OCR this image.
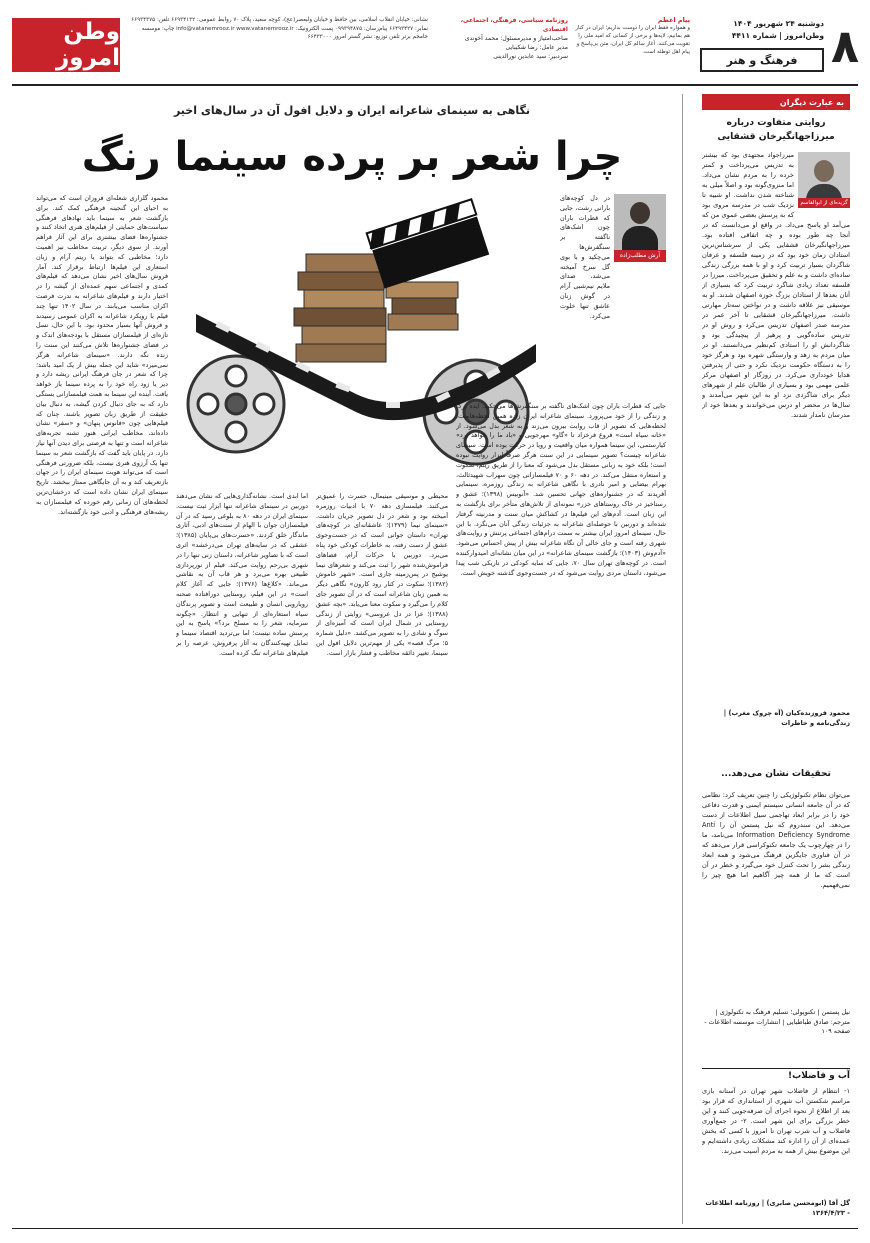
وطن امروز
نشانی: خیابان انقلاب اسلامی، بین حافظ و خیابان ولیعصر(عج)، کوچه سعید، پلاک ۷۰ روابط عمومی: ۶۶۹۳۴۱۳۲ تلفن: ۶۶۹۳۴۳۷۵ نمابر: ۶۶۴۹۳۴۲۷ پیام‌رسان: ۰۹۹۳۹۴۸۷۵ پست الکترونیک: info@vatanemrooz.ir www.vatanemrooz.ir چاپ: موسسه جامجم برتر تلفن توزیع: نشر گستر امروز ۶۶۴۳۳۰۰۰
روزنامه سیاسی، فرهنگی، اجتماعی، اقتصادی
صاحب‌امتیاز و مدیرمسئول: محمد آخوندی
مدیر عامل: رضا شکیبایی
سردبیر: سید عابدین نورالدینی
پیام اعظم
و همواره فقط ایران را دوست بداریم؛ ایران در کنار هم بمانیم، لایه‌ها و برخی از کسانی که امید ملی را تقویت می‌کنند. آغاز سالم کل ایران، متن بی‌پاسخ و پیام اهل توطئه است.	۸
دوشنبه ۲۴ شهریور ۱۴۰۴
وطن‌امروز | شماره ۴۴۱۱
فرهنگ و هنر
به عبارت دیگران
روایتی متفاوت درباره میرزاجهانگیرخان قشقایی
میرزاجواد مجتهدی بود که بیشتر به تدریس می‌پرداخت و کمتر خرده را به مردم نشان می‌داد. اما منزوی‌گونه بود و اصلاً میلی به شناخته شدن نداشت. او شبیه تا نزدیک شب در مدرسه مروی بود که به پرسش بعضی عموی من که می‌آمد او پاسخ می‌داد. در واقع او می‌دانست که در آنجا چه طور بوده و چه اتفاقی افتاده بود. میرزاجهانگیرخان قشقایی یکی از سرشناس‌ترین استادان زمان خود بود که در زمینه فلسفه و عرفان شاگردان بسیار تربیت کرد و او با همه بزرگی زندگی ساده‌ای داشت و به علم و تحقیق می‌پرداخت. میرزا در فلسفه تعداد زیادی شاگرد تربیت کرد که بسیاری از آنان بعدها از استادان بزرگ حوزه اصفهان شدند. او به موسیقی نیز علاقه داشت و در نواختن سه‌تار مهارتی داشت. میرزاجهانگیرخان قشقایی تا آخر عمر در مدرسه صدر اصفهان تدریس می‌کرد و روش او در تدریس ساده‌گویی و پرهیز از پیچیدگی بود و شاگردانش او را استادی کم‌نظیر می‌دانستند. او در میان مردم به زهد و وارستگی شهره بود و هرگز خود را به دستگاه حکومت نزدیک نکرد و حتی از پذیرفتن هدایا خودداری می‌کرد. در روزگار او اصفهان مرکز علمی مهمی بود و بسیاری از طالبان علم از شهرهای دیگر برای شاگردی نزد او به این شهر می‌آمدند و سال‌ها در محضر او درس می‌خواندند و بعدها خود از مدرسان نامدار شدند.
گزیده‌ای از ابوالقاسم نعیمی
محمود فروزنده‌کیان (آه چروک مغرب) | زندگی‌نامه و خاطرات
تحقیقات نشان می‌دهد...
می‌توان نظام تکنولوژیکی را چنین تعریف کرد: نظامی که در آن جامعه انسانی سیستم ایمنی و قدرت دفاعی خود را در برابر ابعاد تهاجمی سیل اطلاعات از دست می‌دهد. این سندروم که نیل پستمن آن را Anti Information Deficiency Syndrome می‌نامد، ما را در چهارچوب یک جامعه تکنوکراسی قرار می‌دهد که در آن فناوری جایگزین فرهنگ می‌شود و همه ابعاد زندگی بشر را تحت کنترل خود می‌گیرد و خطر در آن است که ما از همه چیز آگاهیم اما هیچ چیز را نمی‌فهمیم.
نیل پستمن | تکنوپولی؛ تسلیم فرهنگ به تکنولوژی | مترجم: صادق طباطبایی | انتشارات موسسه اطلاعات - صفحه ۱۰۹
آب و فاضلاب!
۱- انتظام از فاضلاب شهر تهران در آستانه بازی مراسم شکستن آب شهری از استانداری که قرار بود بعد از اطلاع از نحوه اجرای آن صرفه‌جویی کنند و این خطر بزرگی برای این شهر است. ۲- در جمع‌آوری فاضلاب و آب شرب تهران تا امروز با کسی که بخش عمده‌ای از آن را اداره کند مشکلات زیادی داشته‌ایم و این موضوع بیش از همه به مردم آسیب می‌زند.
گل آقا (ابومحسن صابری) | روزنامه اطلاعات - ۱۳۶۴/۴/۲۳
نگاهی به سینمای شاعرانه ایران و دلایل افول آن در سال‌های اخیر
چرا شعر بر پرده سینما رنگ
آرش مطلب‌زاده
در دل کوچه‌های بارانی رشت، جایی که قطرات باران چون اشک‌های ناگفته بر سنگفرش‌ها می‌چکید و با بوی گل سرخ آمیخته می‌شد، صدای ملایم نیم‌شبی آرام در گوش زنان عاشق تنها خلوت می‌کرد.
جایی که قطرات باران چون اشک‌های ناگفته بر سنگفرش‌ها می‌چکید. ایده برگ و زندگی را از خود می‌پرورد. سینمای شاعرانه ایران زاده همین لحظه‌هاست؛ لحظه‌هایی که تصویر از قاب روایت بیرون می‌زند و به شعر بدل می‌شود. از «خانه سیاه است» فروغ فرخزاد تا «گاو» مهرجویی و «باد ما را خواهد برد» کیارستمی، این سینما همواره میان واقعیت و رویا در حرکت بوده است. سینمای شاعرانه چیست؟ تصویر سینمایی در این سنت هرگز صرفاً ابزار روایت نبوده است؛ بلکه خود به زبانی مستقل بدل می‌شود که معنا را از طریق ریتم، سکوت و استعاره منتقل می‌کند. در دهه ۶۰ و ۷۰ فیلمسازانی چون سهراب شهیدثالث، بهرام بیضایی و امیر نادری با نگاهی شاعرانه به زندگی روزمره، سینمایی آفریدند که در جشنواره‌های جهانی تحسین شد. «آنوبیس (۱۳۹۸)؛ عشق و رستاخیز در خاک روستاهای خزر» نمونه‌ای از تلاش‌های متأخر برای بازگشت به این زبان است. آدم‌های این فیلم‌ها در کشاکش میان سنت و مدرنیته گرفتار شده‌اند و دوربین با حوصله‌ای شاعرانه به جزئیات زندگی آنان می‌نگرد. با این حال، سینمای امروز ایران بیشتر به سمت درام‌های اجتماعی پرتنش و روایت‌های شهری رفته است و جای خالی آن نگاه شاعرانه بیش از پیش احساس می‌شود. «آدم‌وش (۱۴۰۳)؛ بازگشت سینمای شاعرانه» در این میان نشانه‌ای امیدوارکننده است. در کوچه‌های تهران سال ۷۰، جایی که سایه کودکی در تاریکی شب پیدا می‌شود، داستان مردی روایت می‌شود که در جست‌وجوی گذشته خویش است.
محیطی و موسیقی مینیمال، حسرت را عمیق‌تر می‌کنند. فیلمسازی دهه ۷۰ با ادبیات روزمره آمیخته بود و شعر در دل تصویر جریان داشت. «سینمای نیما (۱۳۷۹)؛ عاشقانه‌ای در کوچه‌های تهران» داستان جوانی است که در جست‌وجوی عشق از دست رفته، به خاطرات کودکی خود پناه می‌برد. دوربین با حرکات آرام، فضاهای فراموش‌شده شهر را ثبت می‌کند و شعرهای نیما یوشیج در پس‌زمینه جاری است. «شهر خاموش (۱۳۸۲)؛ سکوت در کنار رود کارون» نگاهی دیگر به همین زبان شاعرانه است که در آن تصویر جای کلام را می‌گیرد و سکوت معنا می‌یابد. «بچه عشق (۱۳۸۸)؛ عزا در دل عروسی» روایتی از زندگی روستایی در شمال ایران است که آمیزه‌ای از سوگ و شادی را به تصویر می‌کشد. «دلیل شماره ۵؛ مرگ قصه» یکی از مهم‌ترین دلایل افول این سینما، تغییر ذائقه مخاطب و فشار بازار است.
اما ابدی است. نشانه‌گذاری‌هایی که نشان می‌دهند دوربین در سینمای شاعرانه تنها ابزار ثبت نیست. سینمای ایران در دهه ۸۰ به بلوغی رسید که در آن فیلمسازان جوان با الهام از سنت‌های ادبی، آثاری ماندگار خلق کردند. «حسرت‌های بی‌پایان (۱۳۸۵)؛ عشقی که در سایه‌های تهران می‌درخشد» اثری است که با تصاویر شاعرانه، داستان زنی تنها را در شهری بی‌رحم روایت می‌کند. فیلم از نورپردازی طبیعی بهره می‌برد و هر قاب آن به نقاشی می‌ماند. «کلاغ‌ها (۱۳۷۶)؛ جایی که آغاز کلام است» در این فیلم، روستایی دورافتاده صحنه رویارویی انسان و طبیعت است و تصویر پرندگان سیاه استعاره‌ای از تنهایی و انتظار. «چگونه سرمایه، شعر را به مسلخ برد؟» پاسخ به این پرسش ساده نیست؛ اما بی‌تردید اقتصاد سینما و تمایل تهیه‌کنندگان به آثار پرفروش، عرصه را بر فیلم‌های شاعرانه تنگ کرده است.
محمود گلزاری شعله‌ای فروزان است که می‌تواند به احیای این گنجینه فرهنگی کمک کند. برای بازگشت شعر به سینما باید نهادهای فرهنگی سیاست‌های حمایتی از فیلم‌های هنری اتخاذ کنند و جشنواره‌ها فضای بیشتری برای این آثار فراهم آورند. از سوی دیگر، تربیت مخاطب نیز اهمیت دارد؛ مخاطبی که بتواند با ریتم آرام و زبان استعاری این فیلم‌ها ارتباط برقرار کند. آمار فروش سال‌های اخیر نشان می‌دهد که فیلم‌های کمدی و اجتماعی سهم عمده‌ای از گیشه را در اختیار دارند و فیلم‌های شاعرانه به ندرت فرصت اکران مناسب می‌یابند. در سال ۱۴۰۲ تنها چند فیلم با رویکرد شاعرانه به اکران عمومی رسیدند و فروش آنها بسیار محدود بود. با این حال، نسل تازه‌ای از فیلمسازان مستقل با بودجه‌های اندک و در فضای جشنواره‌ها تلاش می‌کنند این سنت را زنده نگه دارند. «سینمای شاعرانه هرگز نمی‌میرد» شاید این جمله بیش از یک امید باشد؛ چرا که شعر در جان فرهنگ ایرانی ریشه دارد و دیر یا زود راه خود را به پرده سینما باز خواهد یافت. آینده این سینما به همت فیلمسازانی بستگی دارد که به جای دنبال کردن گیشه، به دنبال بیان حقیقت از طریق زبان تصویر باشند. چنان که فیلم‌هایی چون «فانوس پنهان» و «سفر» نشان داده‌اند، مخاطب ایرانی هنوز تشنه تجربه‌های شاعرانه است و تنها به فرصتی برای دیدن آنها نیاز دارد. در پایان باید گفت که بازگشت شعر به سینما تنها یک آرزوی هنری نیست، بلکه ضرورتی فرهنگی است که می‌تواند هویت سینمای ایران را در جهان بازتعریف کند و به آن جایگاهی ممتاز ببخشد. تاریخ سینمای ایران نشان داده است که درخشان‌ترین لحظه‌های آن زمانی رقم خورده که فیلمسازان به ریشه‌های فرهنگی و ادبی خود بازگشته‌اند.
